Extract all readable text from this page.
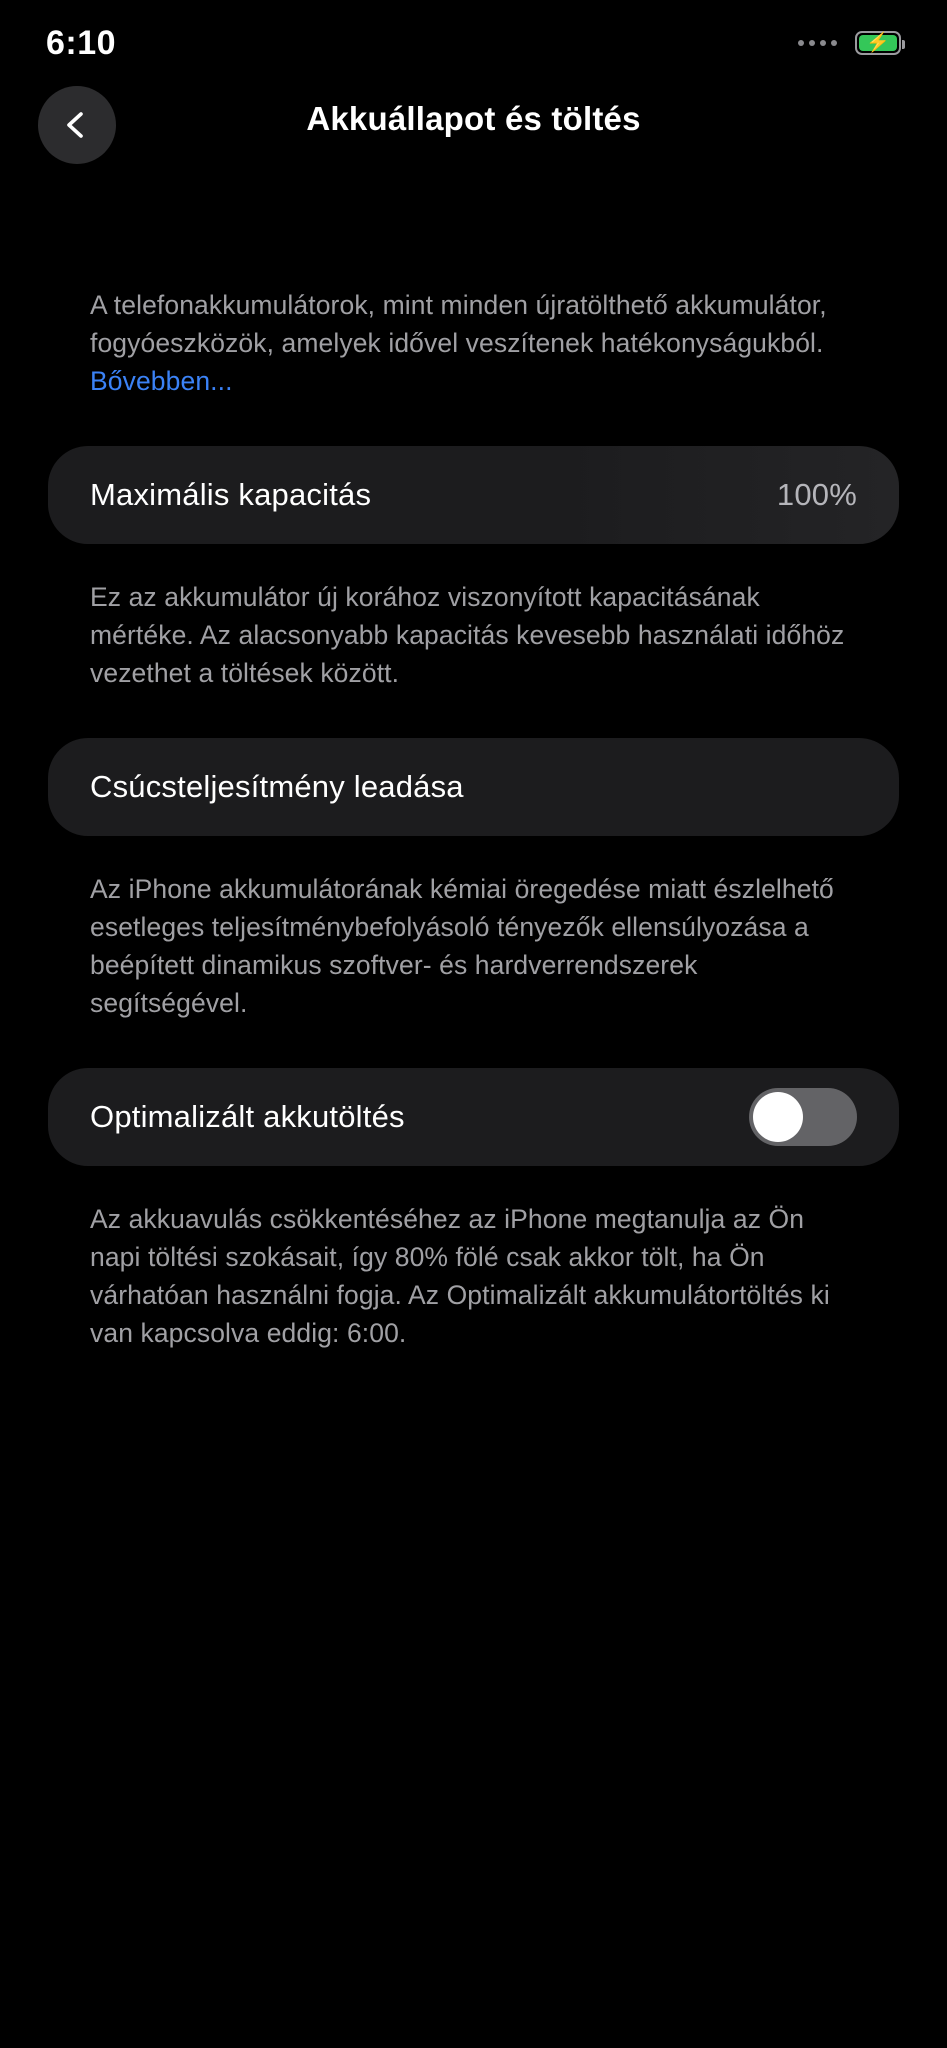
6:10	⚡
Akkuállapot és töltés
A telefonakkumulátorok, mint minden újratölthető akkumulátor, fogyóeszközök, amelyek idővel veszítenek hatékonyságukból. Bővebben...
Maximális kapacitás	100%
Ez az akkumulátor új korához viszonyított kapacitásának mértéke. Az alacsonyabb kapacitás kevesebb használati időhöz vezethet a töltések között.
Csúcsteljesítmény leadása
Az iPhone akkumulátorának kémiai öregedése miatt észlelhető esetleges teljesítménybefolyásoló tényezők ellensúlyozása a beépített dinamikus szoftver- és hardverrendszerek segítségével.
Optimalizált akkutöltés
Az akkuavulás csökkentéséhez az iPhone megtanulja az Ön napi töltési szokásait, így 80% fölé csak akkor tölt, ha Ön várhatóan használni fogja. Az Optimalizált akkumulátortöltés ki van kapcsolva eddig: 6:00.
